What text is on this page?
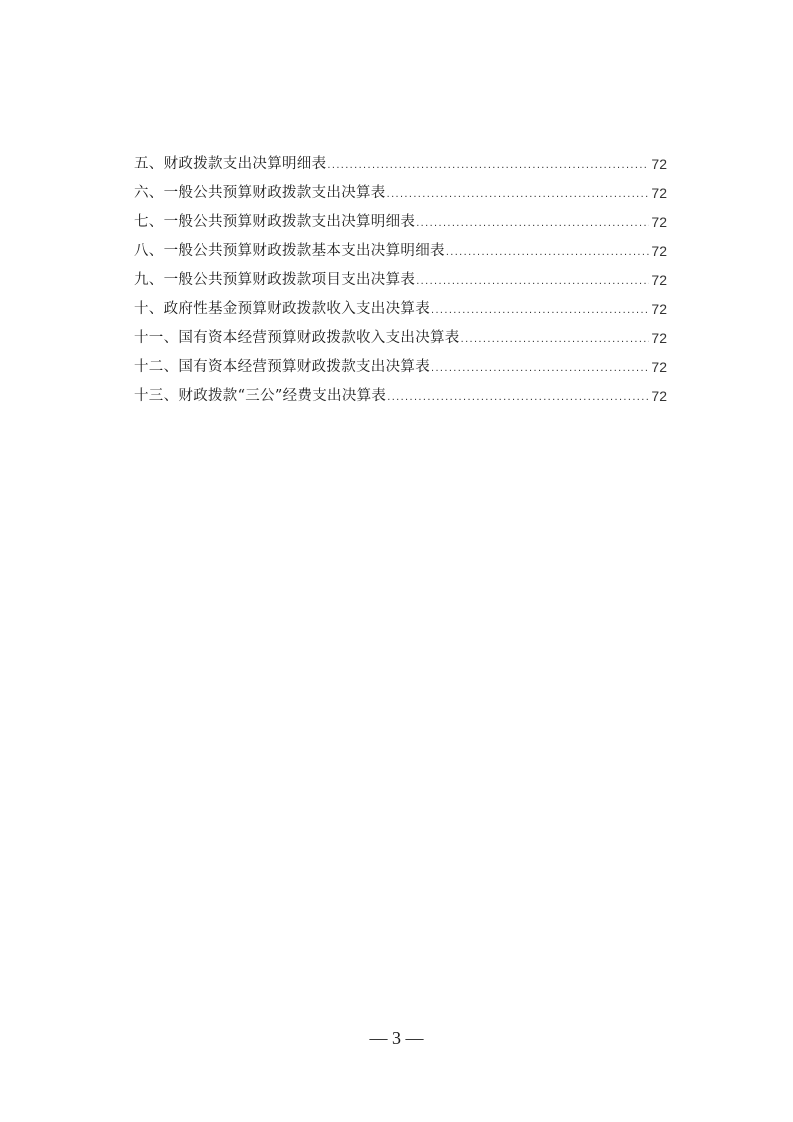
五、财政拨款支出决算明细表 .....	72
六、一般公共预算财政拨款支出决算表 .....	72
七、一般公共预算财政拨款支出决算明细表 .....	72
八、一般公共预算财政拨款基本支出决算明细表 .....	72
九、一般公共预算财政拨款项目支出决算表 .....	72
十、政府性基金预算财政拨款收入支出决算表 .....	72
十一、国有资本经营预算财政拨款收入支出决算表 .....	72
十二、国有资本经营预算财政拨款支出决算表 .....	72
十三、财政拨款“三公”经费支出决算表 .....	72
— 3 —
